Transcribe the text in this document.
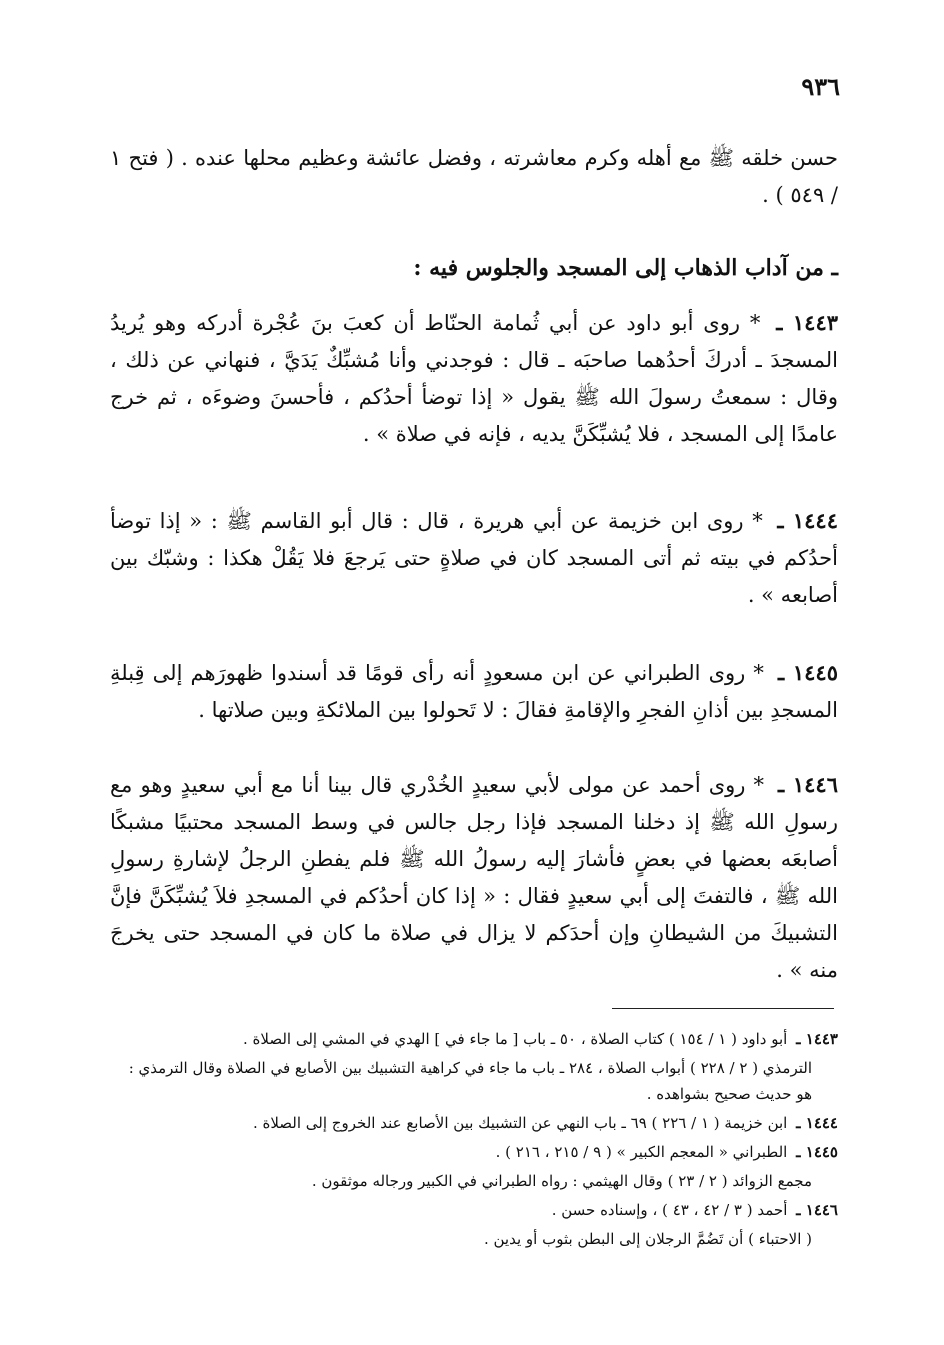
٩٣٦

حسن خلقه ﷺ مع أهله وكرم معاشرته ، وفضل عائشة وعظيم محلها عنده . ( فتح ١ / ٥٤٩ ) .

ـ من آداب الذهاب إلى المسجد والجلوس فيه :

١٤٤٣ ـ * روى أبو داود عن أبي ثُمامة الحنّاط أن كعبَ بنَ عُجْرة أدركه وهو يُريدُ المسجدَ ـ أدركَ أحدُهما صاحبَه ـ قال : فوجدني وأنا مُشبِّكٌ يَدَيَّ ، فنهاني عن ذلك ، وقال : سمعتُ رسولَ الله ﷺ يقول « إذا توضأ أحدُكم ، فأحسنَ وضوءَه ، ثم خرج عامدًا إلى المسجد ، فلا يُشبِّكَنَّ يديه ، فإنه في صلاة » .

١٤٤٤ ـ * روى ابن خزيمة عن أبي هريرة ، قال : قال أبو القاسم ﷺ : « إذا توضأ أحدُكم في بيته ثم أتى المسجد كان في صلاةٍ حتى يَرجعَ فلا يَقُلْ هكذا : وشبّك بين أصابعه » .

١٤٤٥ ـ * روى الطبراني عن ابن مسعودٍ أنه رأى قومًا قد أسندوا ظهورَهم إلى قِبلةِ المسجدِ بين أذانِ الفجرِ والإقامةِ فقالَ : لا تَحولوا بين الملائكةِ وبين صلاتها .

١٤٤٦ ـ * روى أحمد عن مولى لأبي سعيدٍ الخُدْري قال بينا أنا مع أبي سعيدٍ وهو مع رسولِ الله ﷺ إذ دخلنا المسجد فإذا رجل جالس في وسط المسجد محتبيًا مشبكًا أصابعَه بعضها في بعضٍ فأشارَ إليه رسولُ الله ﷺ فلم يفطنِ الرجلُ لإشارةِ رسولِ الله ﷺ ، فالتفتَ إلى أبي سعيدٍ فقال : « إذا كان أحدُكم في المسجدِ فلاَ يُشبِّكَنَّ فإنَّ التشبيكَ من الشيطانِ وإن أحدَكم لا يزال في صلاة ما كان في المسجد حتى يخرجَ منه » .

١٤٤٣ ـ أبو داود ( ١ / ١٥٤ ) كتاب الصلاة ، ٥٠ ـ باب [ ما جاء في ] الهدي في المشي إلى الصلاة .

الترمذي ( ٢ / ٢٢٨ ) أبواب الصلاة ، ٢٨٤ ـ باب ما جاء في كراهية التشبيك بين الأصابع في الصلاة وقال الترمذي : هو حديث صحيح بشواهده .

١٤٤٤ ـ ابن خزيمة ( ١ / ٢٢٦ ) ٦٩ ـ باب النهي عن التشبيك بين الأصابع عند الخروج إلى الصلاة .

١٤٤٥ ـ الطبراني « المعجم الكبير » ( ٩ / ٢١٥ ، ٢١٦ ) .

مجمع الزوائد ( ٢ / ٢٣ ) وقال الهيثمي : رواه الطبراني في الكبير ورجاله موثقون .

١٤٤٦ ـ أحمد ( ٣ / ٤٢ ، ٤٣ ) ، وإسناده حسن .

( الاحتباء ) أن تَضُمَّ الرجلان إلى البطن بثوب أو يدين .
